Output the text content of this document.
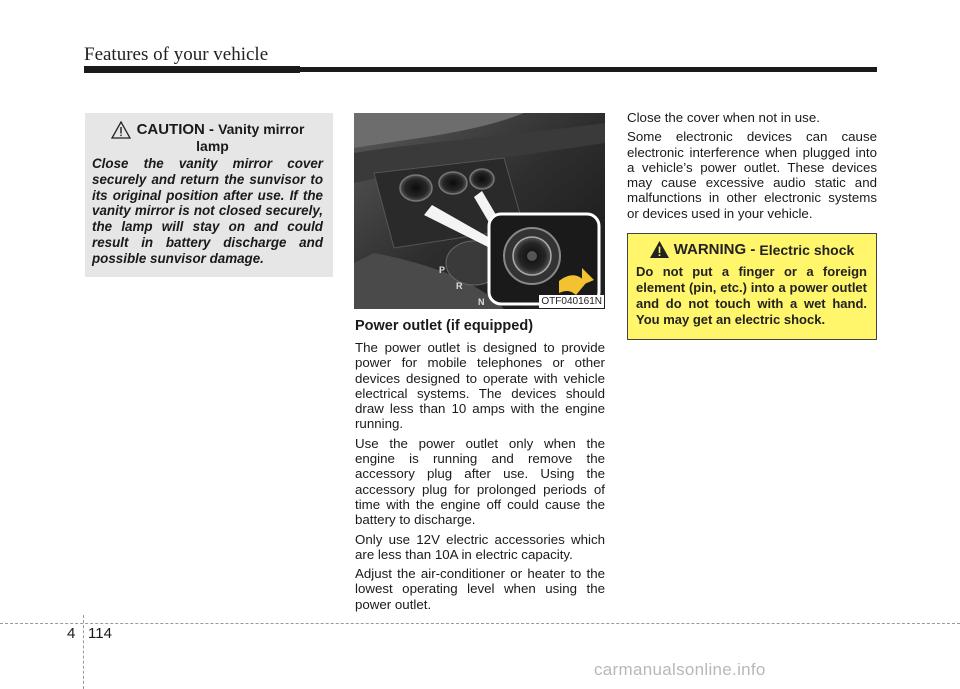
Features of your vehicle
CAUTION - Vanity mirror
lamp
Close the vanity mirror cover securely and return the sunvisor to its original position after use. If the vanity mirror is not closed securely, the lamp will stay on and could result in battery discharge and possible sunvisor damage.
P
R
N	OTF040161N
Power outlet (if equipped)

The power outlet is designed to provide power for mobile telephones or other devices designed to operate with vehicle electrical systems. The devices should draw less than 10 amps with the engine running.

Use the power outlet only when the engine is running and remove the accessory plug after use. Using the accessory plug for prolonged periods of time with the engine off could cause the battery to discharge.

Only use 12V electric accessories which are less than 10A in electric capacity.

Adjust the air-conditioner or heater to the lowest operating level when using the power outlet.

Close the cover when not in use.

Some electronic devices can cause electronic interference when plugged into a vehicle’s power outlet. These devices may cause excessive audio static and malfunctions in other electronic systems or devices used in your vehicle.

WARNING - Electric shock
Do not put a finger or a foreign element (pin, etc.) into a power outlet and do not touch with a wet hand. You may get an electric shock.
4 114
carmanualsonline.info
